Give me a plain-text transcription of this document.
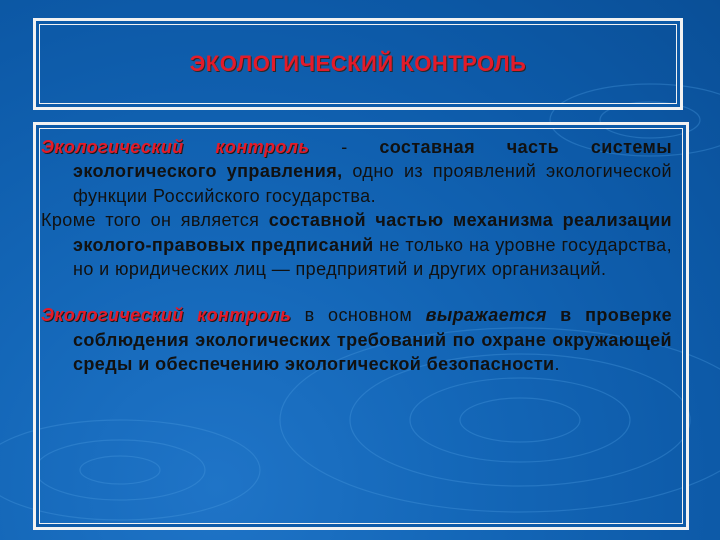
ЭКОЛОГИЧЕСКИЙ КОНТРОЛЬ

Экологический контроль - составная часть системы экологического управления, одно из проявлений экологической функции Российского государства.

Кроме того он является составной частью механизма реализации эколого-правовых предписаний не только на уровне государства, но и юридических лиц — предприятий и других организаций.

Экологический контроль в основном выражается в проверке соблюдения экологических требований по охране окружающей среды и обеспечению экологической безопасности.
